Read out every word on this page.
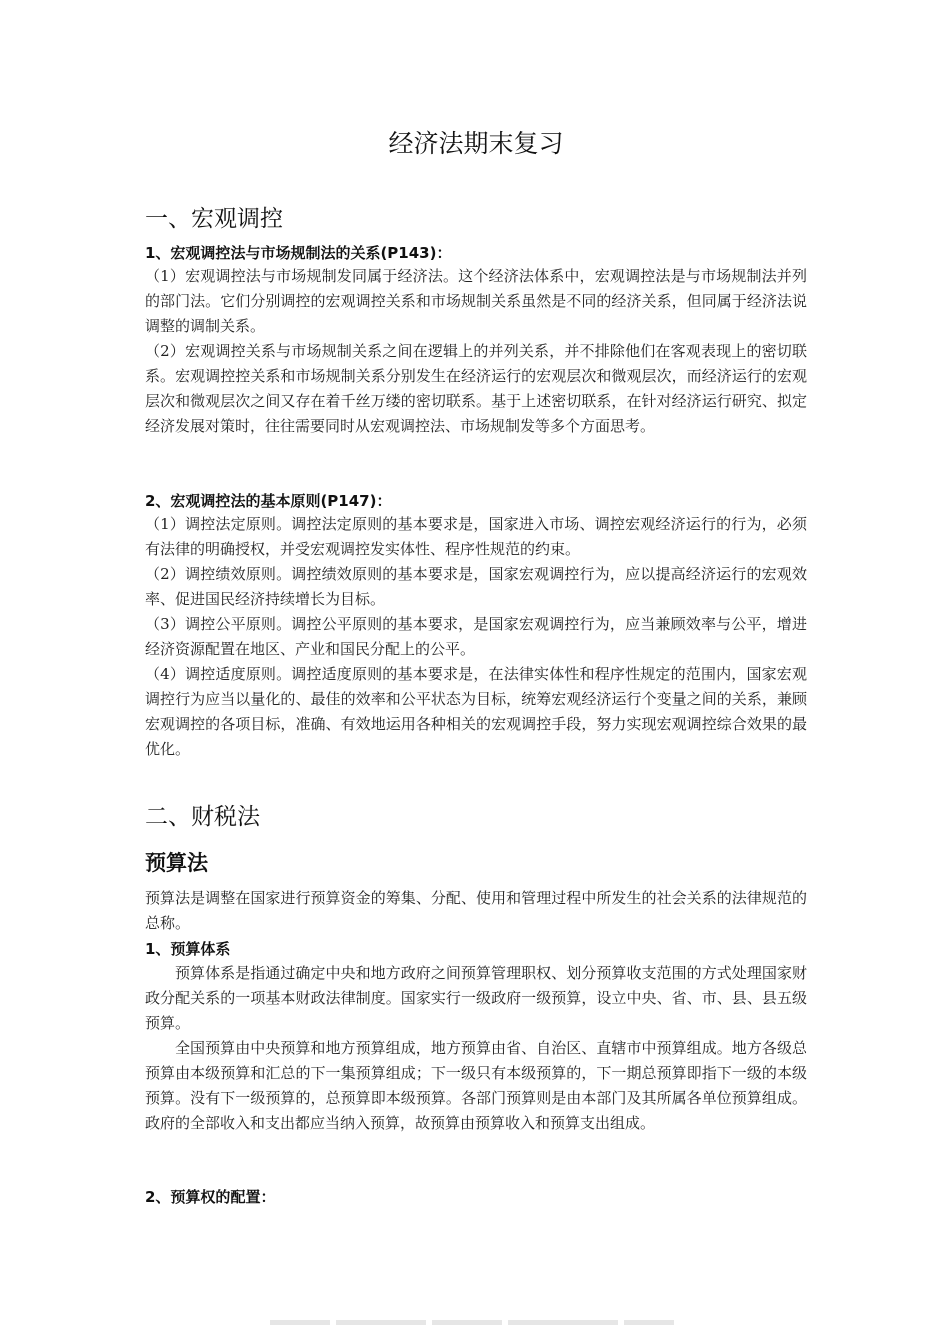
经济法期末复习
一、宏观调控
1、宏观调控法与市场规制法的关系(P143)：

（1）宏观调控法与市场规制发同属于经济法。这个经济法体系中，宏观调控法是与市场规制法并列的部门法。它们分别调控的宏观调控关系和市场规制关系虽然是不同的经济关系，但同属于经济法说调整的调制关系。

（2）宏观调控关系与市场规制关系之间在逻辑上的并列关系，并不排除他们在客观表现上的密切联系。宏观调控控关系和市场规制关系分别发生在经济运行的宏观层次和微观层次，而经济运行的宏观层次和微观层次之间又存在着千丝万缕的密切联系。基于上述密切联系，在针对经济运行研究、拟定经济发展对策时，往往需要同时从宏观调控法、市场规制发等多个方面思考。

2、宏观调控法的基本原则(P147)：

（1）调控法定原则。调控法定原则的基本要求是，国家进入市场、调控宏观经济运行的行为，必须有法律的明确授权，并受宏观调控发实体性、程序性规范的约束。

（2）调控绩效原则。调控绩效原则的基本要求是，国家宏观调控行为，应以提高经济运行的宏观效率、促进国民经济持续增长为目标。

（3）调控公平原则。调控公平原则的基本要求，是国家宏观调控行为，应当兼顾效率与公平，增进经济资源配置在地区、产业和国民分配上的公平。

（4）调控适度原则。调控适度原则的基本要求是，在法律实体性和程序性规定的范围内，国家宏观调控行为应当以量化的、最佳的效率和公平状态为目标，统筹宏观经济运行个变量之间的关系，兼顾宏观调控的各项目标，准确、有效地运用各种相关的宏观调控手段，努力实现宏观调控综合效果的最优化。

二、财税法
预算法

预算法是调整在国家进行预算资金的筹集、分配、使用和管理过程中所发生的社会关系的法律规范的总称。

1、预算体系

预算体系是指通过确定中央和地方政府之间预算管理职权、划分预算收支范围的方式处理国家财政分配关系的一项基本财政法律制度。国家实行一级政府一级预算，设立中央、省、市、县、县五级预算。

全国预算由中央预算和地方预算组成，地方预算由省、自治区、直辖市中预算组成。地方各级总预算由本级预算和汇总的下一集预算组成；下一级只有本级预算的，下一期总预算即指下一级的本级预算。没有下一级预算的，总预算即本级预算。各部门预算则是由本部门及其所属各单位预算组成。政府的全部收入和支出都应当纳入预算，故预算由预算收入和预算支出组成。

2、预算权的配置：
